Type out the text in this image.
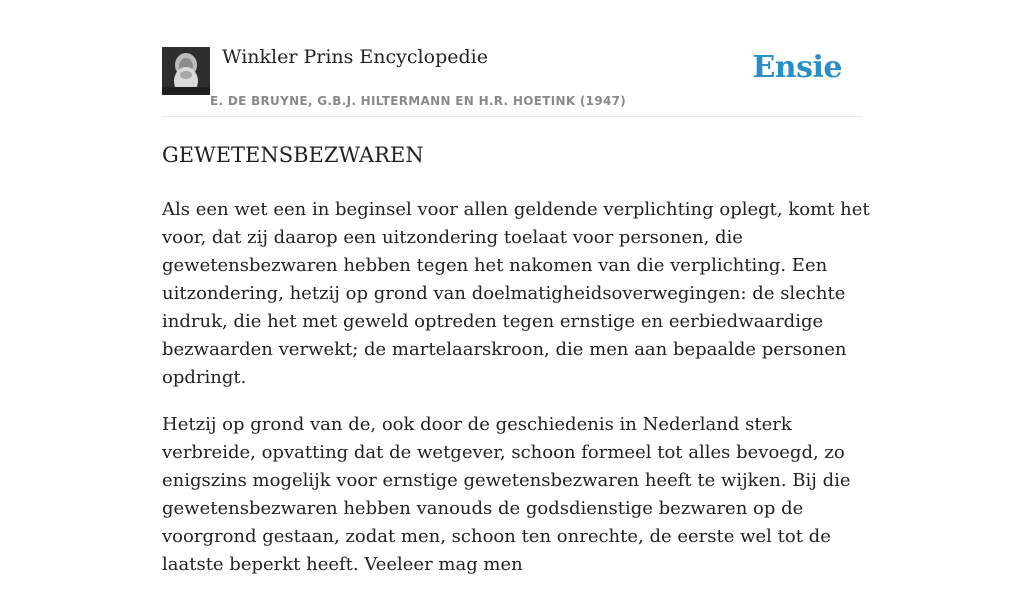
Winkler Prins Encyclopedie
E. DE BRUYNE, G.B.J. HILTERMANN EN H.R. HOETINK (1947)
Ensie
GEWETENSBEZWAREN

Als een wet een in beginsel voor allen geldende verplichting oplegt, komt het voor, dat zij daarop een uitzondering toelaat voor personen, die gewetensbezwaren hebben tegen het nakomen van die verplichting. Een uitzondering, hetzij op grond van doelmatigheidsoverwegingen: de slechte indruk, die het met geweld optreden tegen ernstige en eerbiedwaardige bezwaarden verwekt; de martelaarskroon, die men aan bepaalde personen opdringt.

Hetzij op grond van de, ook door de geschiedenis in Nederland sterk verbreide, opvatting dat de wetgever, schoon formeel tot alles bevoegd, zo enigszins mogelijk voor ernstige gewetensbezwaren heeft te wijken. Bij die gewetensbezwaren hebben vanouds de godsdienstige bezwaren op de voorgrond gestaan, zodat men, schoon ten onrechte, de eerste wel tot de laatste beperkt heeft. Veeleer mag men
